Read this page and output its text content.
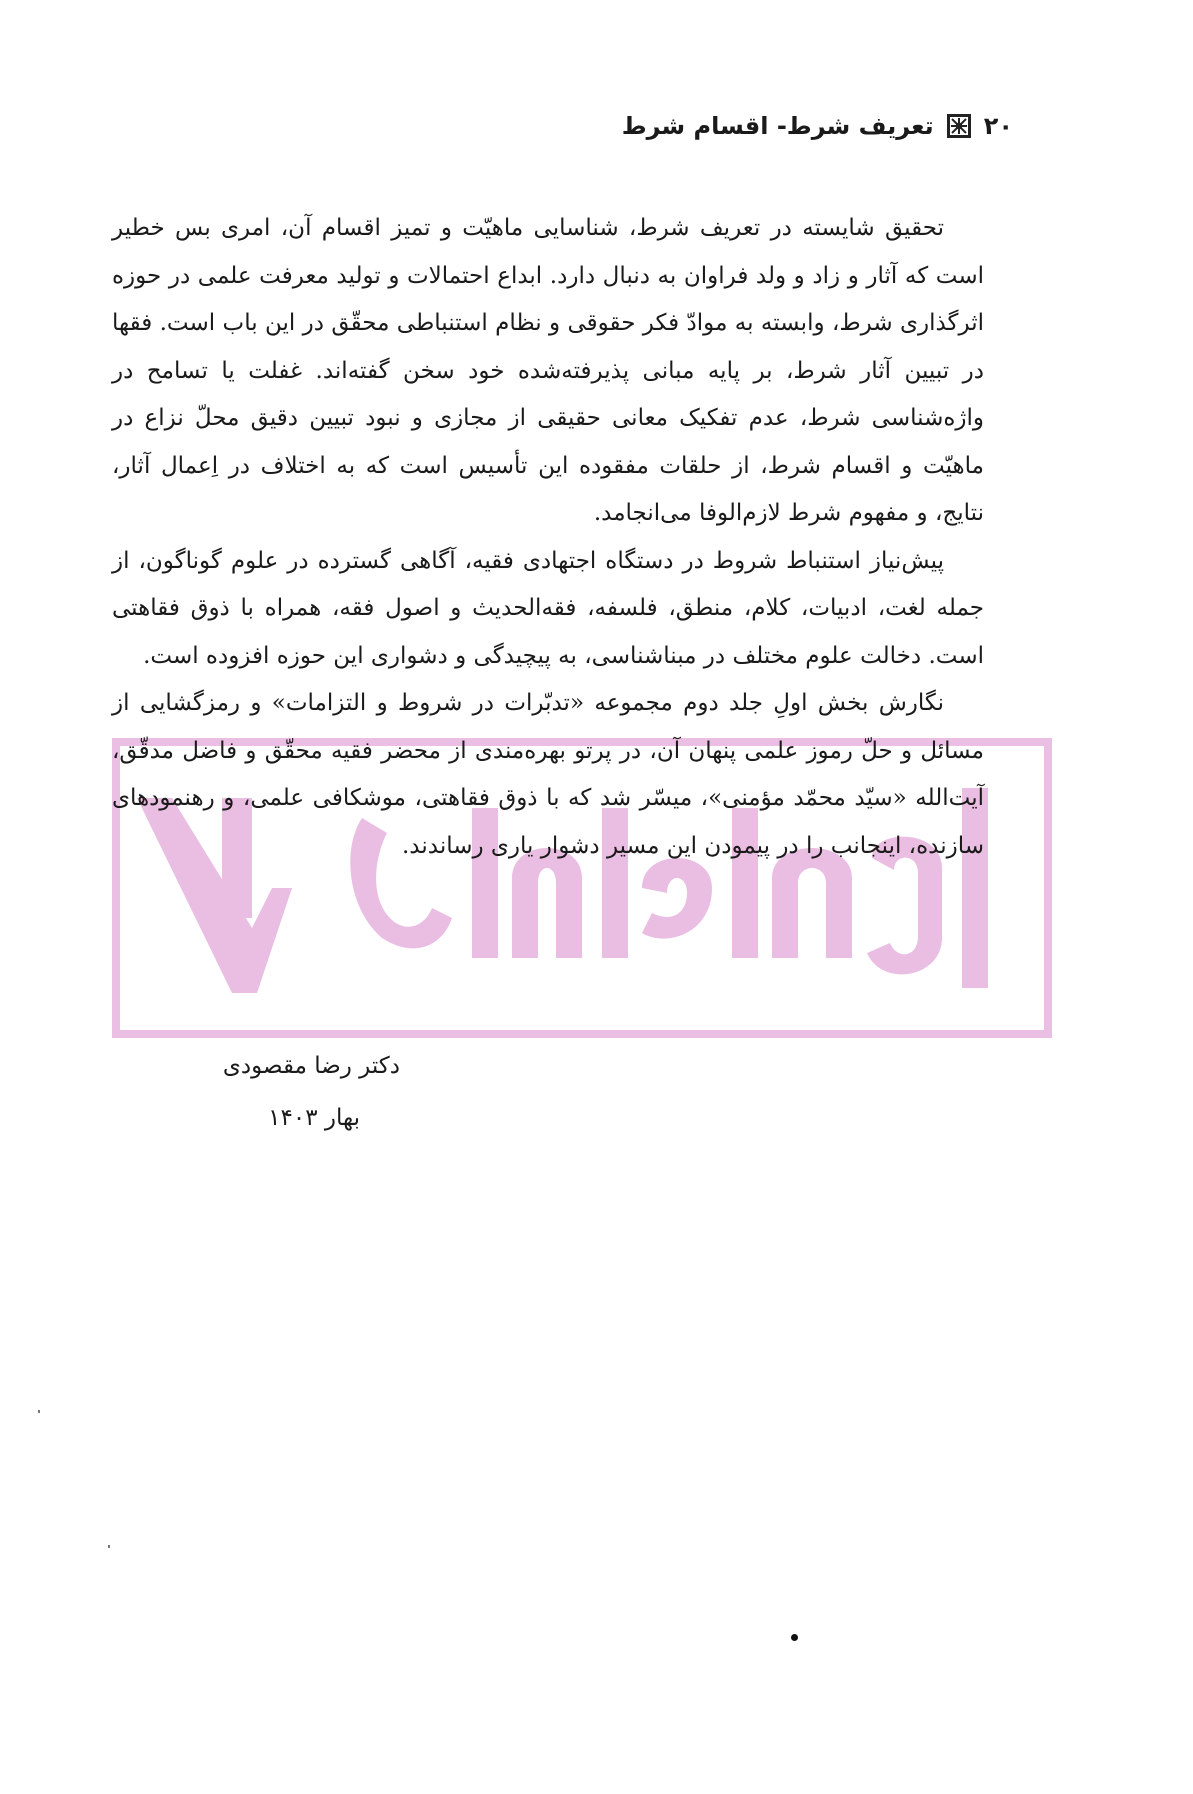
۲۰
تعریف شرط- اقسام شرط

تحقیق شایسته در تعریف شرط، شناسایی ماهیّت و تمیز اقسام آن، امری بس خطیر است که آثار و زاد و ولد فراوان به دنبال دارد. ابداع احتمالات و تولید معرفت علمی در حوزه اثرگذاری شرط، وابسته به موادّ فکر حقوقی و نظام استنباطی محقّق در این باب است. فقها در تبیین آثار شرط، بر پایه مبانی پذیرفته‌شده خود سخن گفته‌اند. غفلت یا تسامح در واژه‌شناسی شرط، عدم تفکیک معانی حقیقی از مجازی و نبود تبیین دقیق محلّ نزاع در ماهیّت و اقسام شرط، از حلقات مفقوده این تأسیس است که به اختلاف در اِعمال آثار، نتایج، و مفهوم شرط لازم‌الوفا می‌انجامد.

پیش‌نیاز استنباط شروط در دستگاه اجتهادی فقیه، آگاهی گسترده در علوم گوناگون، از جمله لغت، ادبیات، کلام، منطق، فلسفه، فقه‌الحدیث و اصول فقه، همراه با ذوق فقاهتی است. دخالت علوم مختلف در مبناشناسی، به پیچیدگی و دشواری این حوزه افزوده است.

نگارش بخش اولِ جلد دوم مجموعه «تدبّرات در شروط و التزامات» و رمزگشایی از مسائل و حلّ رموز علمی پنهان آن، در پرتو بهره‌مندی از محضر فقیه محقّق و فاضل مدقّق، آیت‌الله «سیّد محمّد مؤمنی»، میسّر شد که با ذوق فقاهتی، موشکافی علمی، و رهنمودهای سازنده، اینجانب را در پیمودن این مسیر دشوار یاری رساندند.

دکتر رضا مقصودی
بهار ۱۴۰۳
